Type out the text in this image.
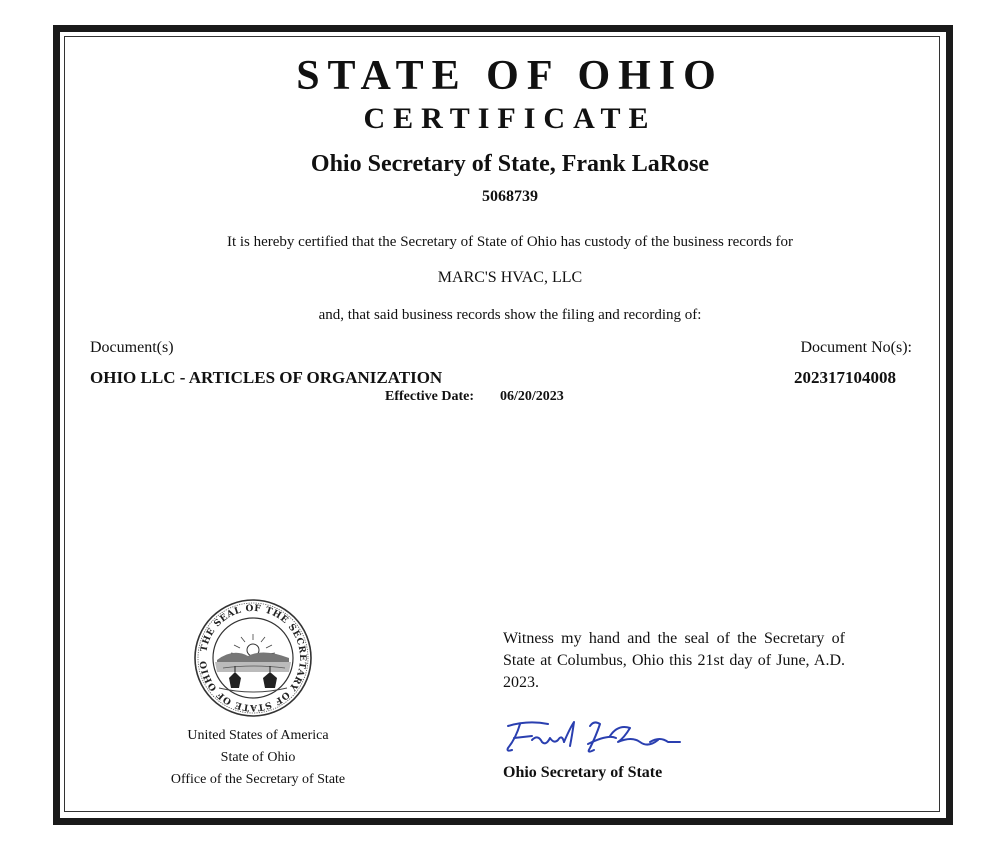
STATE OF OHIO
CERTIFICATE
Ohio Secretary of State, Frank LaRose
5068739
It is hereby certified that the Secretary of State of Ohio has custody of the business records for
MARC'S HVAC, LLC
and, that said business records show the filing and recording of:
Document(s)	Document No(s):
OHIO LLC - ARTICLES OF ORGANIZATION	202317104008
Effective Date: 06/20/2023
THE SEAL OF THE SECRETARY OF STATE OF OHIO
United States of America
State of Ohio
Office of the Secretary of State
Witness my hand and the seal of the Secretary of State at Columbus, Ohio this 21st day of June, A.D. 2023.
Ohio Secretary of State
